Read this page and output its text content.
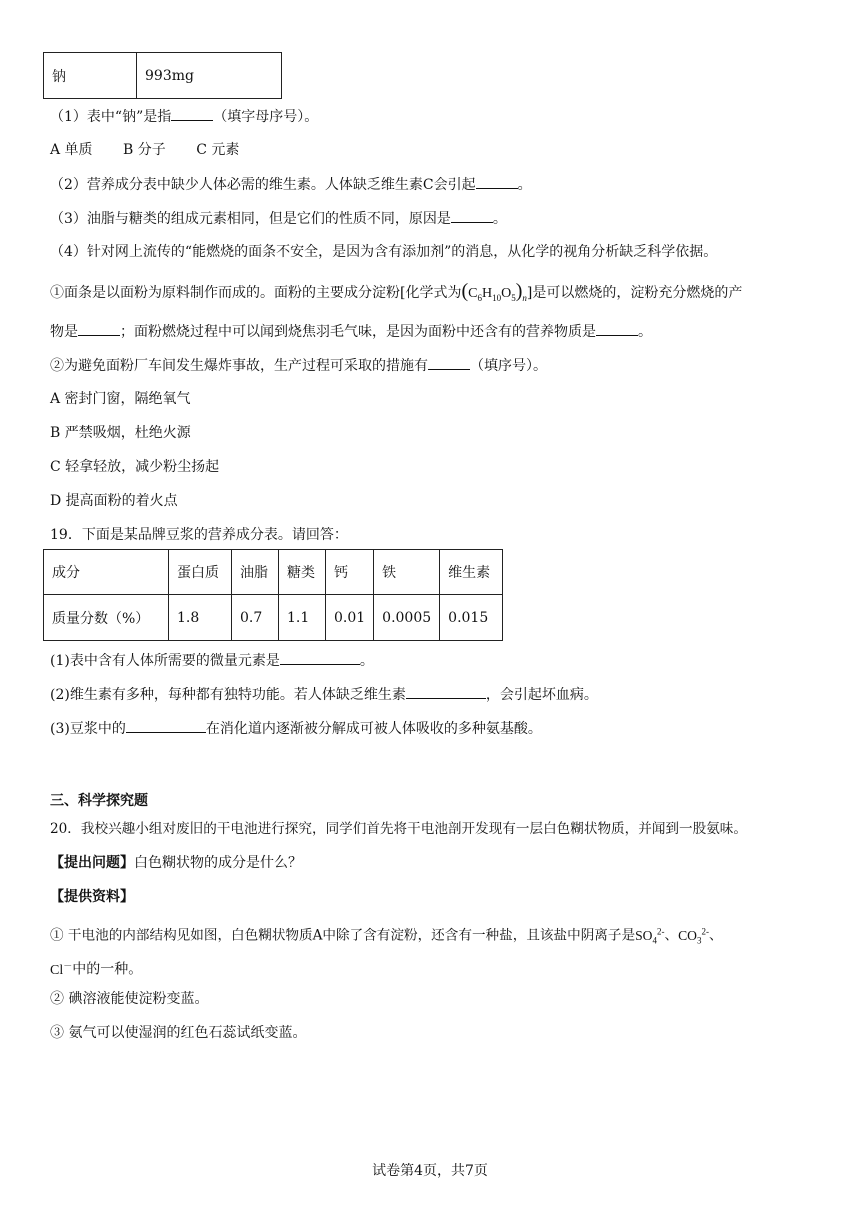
钠	993mg
（1）表中“钠”是指	（填字母序号）。
A 单质 B 分子 C 元素
（2）营养成分表中缺少人体必需的维生素。人体缺乏维生素C会引起	。
（3）油脂与糖类的组成元素相同，但是它们的性质不同，原因是	。
（4）针对网上流传的“能燃烧的面条不安全，是因为含有添加剂”的消息，从化学的视角分析缺乏科学依据。
①面条是以面粉为原料制作而成的。面粉的主要成分淀粉[化学式为$(C_6H_{10}O_5)_n$]是可以燃烧的，淀粉充分燃烧的产
物是	；面粉燃烧过程中可以闻到烧焦羽毛气味，是因为面粉中还含有的营养物质是	。
②为避免面粉厂车间发生爆炸事故，生产过程可采取的措施有	（填序号）。
A 密封门窗，隔绝氧气
B 严禁吸烟，杜绝火源
C 轻拿轻放，减少粉尘扬起
D 提高面粉的着火点
19．下面是某品牌豆浆的营养成分表。请回答：
成分	蛋白质	油脂	糖类	钙	铁	维生素
质量分数（%）	1.8	0.7	1.1	0.01	0.0005	0.015
(1)表中含有人体所需要的微量元素是	。
(2)维生素有多种，每种都有独特功能。若人体缺乏维生素	，会引起坏血病。
(3)豆浆中的	在消化道内逐渐被分解成可被人体吸收的多种氨基酸。
三、科学探究题
20．我校兴趣小组对废旧的干电池进行探究，同学们首先将干电池剖开发现有一层白色糊状物质，并闻到一股氨味。
【提出问题】白色糊状物的成分是什么？
【提供资料】
① 干电池的内部结构见如图，白色糊状物质A中除了含有淀粉，还含有一种盐，且该盐中阴离子是$SO_4^{2-}$、$CO_3^{2-}$、
Cl－中的一种。
② 碘溶液能使淀粉变蓝。
③ 氨气可以使湿润的红色石蕊试纸变蓝。
试卷第4页，共7页
